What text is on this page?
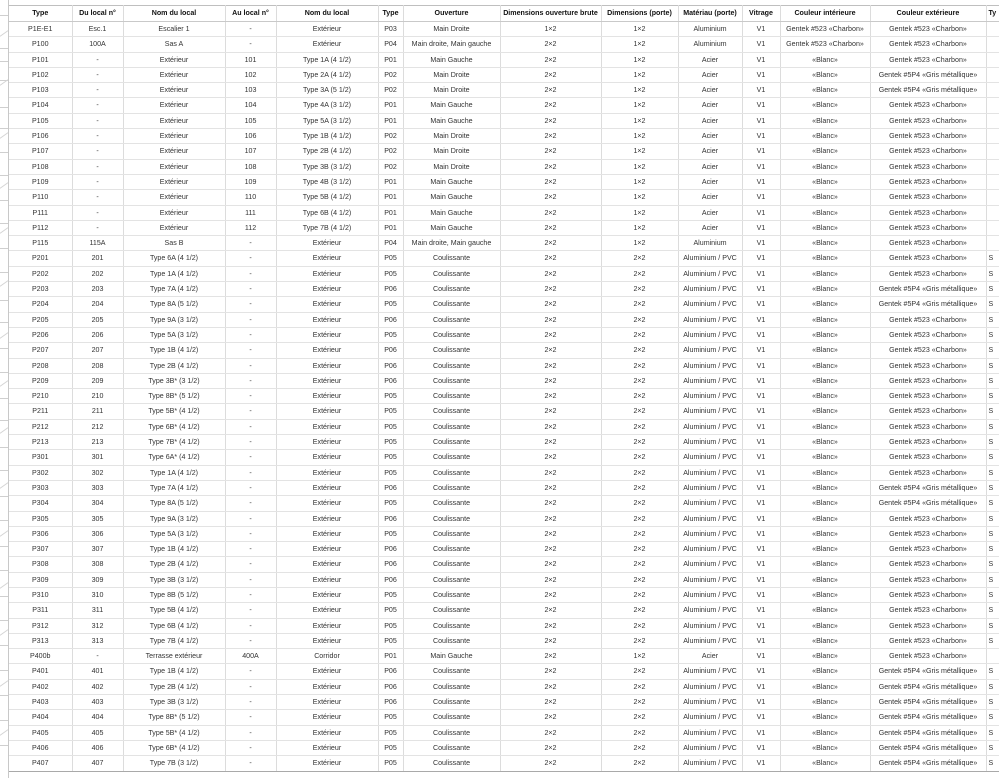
Type	Du local n°	Nom du local	Au local n°	Nom du local	Type	Ouverture	Dimensions ouverture brute	Dimensions (porte)	Matériau (porte)	Vitrage	Couleur intérieure	Couleur extérieure	Ty
P1E-E1	Esc.1	Escalier 1	-	Extérieur	P03	Main Droite	1×2	1×2	Aluminium	V1	Gentek #523 «Charbon»	Gentek #523 «Charbon»	
P100	100A	Sas A	-	Extérieur	P04	Main droite, Main gauche	2×2	1×2	Aluminium	V1	Gentek #523 «Charbon»	Gentek #523 «Charbon»	
P101	-	Extérieur	101	Type 1A (4 1/2)	P01	Main Gauche	2×2	1×2	Acier	V1	«Blanc»	Gentek #523 «Charbon»	
P102	-	Extérieur	102	Type 2A (4 1/2)	P02	Main Droite	2×2	1×2	Acier	V1	«Blanc»	Gentek #5P4 «Gris métallique»	
P103	-	Extérieur	103	Type 3A (5 1/2)	P02	Main Droite	2×2	1×2	Acier	V1	«Blanc»	Gentek #5P4 «Gris métallique»	
P104	-	Extérieur	104	Type 4A (3 1/2)	P01	Main Gauche	2×2	1×2	Acier	V1	«Blanc»	Gentek #523 «Charbon»	
P105	-	Extérieur	105	Type 5A (3 1/2)	P01	Main Gauche	2×2	1×2	Acier	V1	«Blanc»	Gentek #523 «Charbon»	
P106	-	Extérieur	106	Type 1B (4 1/2)	P02	Main Droite	2×2	1×2	Acier	V1	«Blanc»	Gentek #523 «Charbon»	
P107	-	Extérieur	107	Type 2B (4 1/2)	P02	Main Droite	2×2	1×2	Acier	V1	«Blanc»	Gentek #523 «Charbon»	
P108	-	Extérieur	108	Type 3B (3 1/2)	P02	Main Droite	2×2	1×2	Acier	V1	«Blanc»	Gentek #523 «Charbon»	
P109	-	Extérieur	109	Type 4B (3 1/2)	P01	Main Gauche	2×2	1×2	Acier	V1	«Blanc»	Gentek #523 «Charbon»	
P110	-	Extérieur	110	Type 5B (4 1/2)	P01	Main Gauche	2×2	1×2	Acier	V1	«Blanc»	Gentek #523 «Charbon»	
P111	-	Extérieur	111	Type 6B (4 1/2)	P01	Main Gauche	2×2	1×2	Acier	V1	«Blanc»	Gentek #523 «Charbon»	
P112	-	Extérieur	112	Type 7B (4 1/2)	P01	Main Gauche	2×2	1×2	Acier	V1	«Blanc»	Gentek #523 «Charbon»	
P115	115A	Sas B	-	Extérieur	P04	Main droite, Main gauche	2×2	1×2	Aluminium	V1	«Blanc»	Gentek #523 «Charbon»	
P201	201	Type 6A (4 1/2)	-	Extérieur	P05	Coulissante	2×2	2×2	Aluminium / PVC	V1	«Blanc»	Gentek #523 «Charbon»	S
P202	202	Type 1A (4 1/2)	-	Extérieur	P05	Coulissante	2×2	2×2	Aluminium / PVC	V1	«Blanc»	Gentek #523 «Charbon»	S
P203	203	Type 7A (4 1/2)	-	Extérieur	P06	Coulissante	2×2	2×2	Aluminium / PVC	V1	«Blanc»	Gentek #5P4 «Gris métallique»	S
P204	204	Type 8A (5 1/2)	-	Extérieur	P05	Coulissante	2×2	2×2	Aluminium / PVC	V1	«Blanc»	Gentek #5P4 «Gris métallique»	S
P205	205	Type 9A (3 1/2)	-	Extérieur	P06	Coulissante	2×2	2×2	Aluminium / PVC	V1	«Blanc»	Gentek #523 «Charbon»	S
P206	206	Type 5A (3 1/2)	-	Extérieur	P05	Coulissante	2×2	2×2	Aluminium / PVC	V1	«Blanc»	Gentek #523 «Charbon»	S
P207	207	Type 1B (4 1/2)	-	Extérieur	P06	Coulissante	2×2	2×2	Aluminium / PVC	V1	«Blanc»	Gentek #523 «Charbon»	S
P208	208	Type 2B (4 1/2)	-	Extérieur	P06	Coulissante	2×2	2×2	Aluminium / PVC	V1	«Blanc»	Gentek #523 «Charbon»	S
P209	209	Type 3B* (3 1/2)	-	Extérieur	P06	Coulissante	2×2	2×2	Aluminium / PVC	V1	«Blanc»	Gentek #523 «Charbon»	S
P210	210	Type 8B* (5 1/2)	-	Extérieur	P05	Coulissante	2×2	2×2	Aluminium / PVC	V1	«Blanc»	Gentek #523 «Charbon»	S
P211	211	Type 5B* (4 1/2)	-	Extérieur	P05	Coulissante	2×2	2×2	Aluminium / PVC	V1	«Blanc»	Gentek #523 «Charbon»	S
P212	212	Type 6B* (4 1/2)	-	Extérieur	P05	Coulissante	2×2	2×2	Aluminium / PVC	V1	«Blanc»	Gentek #523 «Charbon»	S
P213	213	Type 7B* (4 1/2)	-	Extérieur	P05	Coulissante	2×2	2×2	Aluminium / PVC	V1	«Blanc»	Gentek #523 «Charbon»	S
P301	301	Type 6A* (4 1/2)	-	Extérieur	P05	Coulissante	2×2	2×2	Aluminium / PVC	V1	«Blanc»	Gentek #523 «Charbon»	S
P302	302	Type 1A (4 1/2)	-	Extérieur	P05	Coulissante	2×2	2×2	Aluminium / PVC	V1	«Blanc»	Gentek #523 «Charbon»	S
P303	303	Type 7A (4 1/2)	-	Extérieur	P06	Coulissante	2×2	2×2	Aluminium / PVC	V1	«Blanc»	Gentek #5P4 «Gris métallique»	S
P304	304	Type 8A (5 1/2)	-	Extérieur	P05	Coulissante	2×2	2×2	Aluminium / PVC	V1	«Blanc»	Gentek #5P4 «Gris métallique»	S
P305	305	Type 9A (3 1/2)	-	Extérieur	P06	Coulissante	2×2	2×2	Aluminium / PVC	V1	«Blanc»	Gentek #523 «Charbon»	S
P306	306	Type 5A (3 1/2)	-	Extérieur	P05	Coulissante	2×2	2×2	Aluminium / PVC	V1	«Blanc»	Gentek #523 «Charbon»	S
P307	307	Type 1B (4 1/2)	-	Extérieur	P06	Coulissante	2×2	2×2	Aluminium / PVC	V1	«Blanc»	Gentek #523 «Charbon»	S
P308	308	Type 2B (4 1/2)	-	Extérieur	P06	Coulissante	2×2	2×2	Aluminium / PVC	V1	«Blanc»	Gentek #523 «Charbon»	S
P309	309	Type 3B (3 1/2)	-	Extérieur	P06	Coulissante	2×2	2×2	Aluminium / PVC	V1	«Blanc»	Gentek #523 «Charbon»	S
P310	310	Type 8B (5 1/2)	-	Extérieur	P05	Coulissante	2×2	2×2	Aluminium / PVC	V1	«Blanc»	Gentek #523 «Charbon»	S
P311	311	Type 5B (4 1/2)	-	Extérieur	P05	Coulissante	2×2	2×2	Aluminium / PVC	V1	«Blanc»	Gentek #523 «Charbon»	S
P312	312	Type 6B (4 1/2)	-	Extérieur	P05	Coulissante	2×2	2×2	Aluminium / PVC	V1	«Blanc»	Gentek #523 «Charbon»	S
P313	313	Type 7B (4 1/2)	-	Extérieur	P05	Coulissante	2×2	2×2	Aluminium / PVC	V1	«Blanc»	Gentek #523 «Charbon»	S
P400b	-	Terrasse extérieur	400A	Corridor	P01	Main Gauche	2×2	1×2	Acier	V1	«Blanc»	Gentek #523 «Charbon»	
P401	401	Type 1B (4 1/2)	-	Extérieur	P06	Coulissante	2×2	2×2	Aluminium / PVC	V1	«Blanc»	Gentek #5P4 «Gris métallique»	S
P402	402	Type 2B (4 1/2)	-	Extérieur	P06	Coulissante	2×2	2×2	Aluminium / PVC	V1	«Blanc»	Gentek #5P4 «Gris métallique»	S
P403	403	Type 3B (3 1/2)	-	Extérieur	P06	Coulissante	2×2	2×2	Aluminium / PVC	V1	«Blanc»	Gentek #5P4 «Gris métallique»	S
P404	404	Type 8B* (5 1/2)	-	Extérieur	P05	Coulissante	2×2	2×2	Aluminium / PVC	V1	«Blanc»	Gentek #5P4 «Gris métallique»	S
P405	405	Type 5B* (4 1/2)	-	Extérieur	P05	Coulissante	2×2	2×2	Aluminium / PVC	V1	«Blanc»	Gentek #5P4 «Gris métallique»	S
P406	406	Type 6B* (4 1/2)	-	Extérieur	P05	Coulissante	2×2	2×2	Aluminium / PVC	V1	«Blanc»	Gentek #5P4 «Gris métallique»	S
P407	407	Type 7B (3 1/2)	-	Extérieur	P05	Coulissante	2×2	2×2	Aluminium / PVC	V1	«Blanc»	Gentek #5P4 «Gris métallique»	S
